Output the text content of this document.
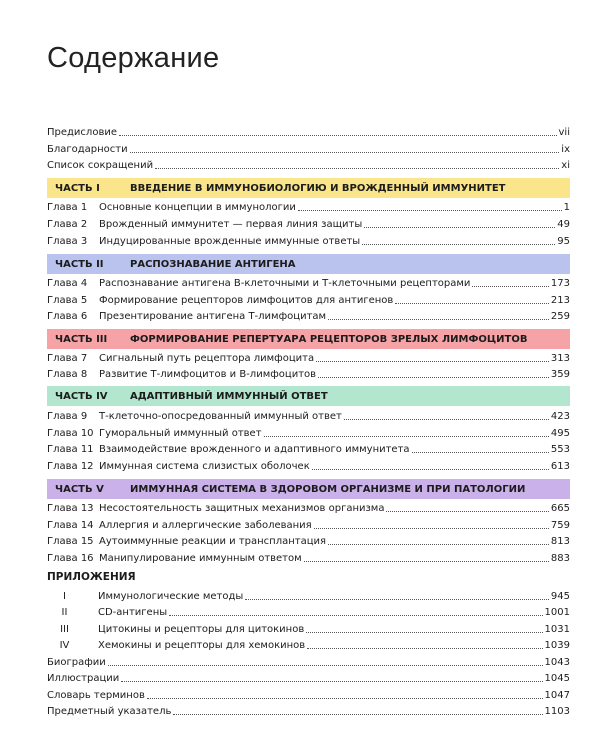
Содержание
Предисловие	vii
Благодарности	ix
Список сокращений	xi
ЧАСТЬ I	ВВЕДЕНИЕ В ИММУНОБИОЛОГИЮ И ВРОЖДЕННЫЙ ИММУНИТЕТ
Глава 1	Основные концепции в иммунологии	1
Глава 2	Врожденный иммунитет — первая линия защиты	49
Глава 3	Индуцированные врожденные иммунные ответы	95
ЧАСТЬ II	РАСПОЗНАВАНИЕ АНТИГЕНА
Глава 4	Распознавание антигена В-клеточными и Т-клеточными рецепторами	173
Глава 5	Формирование рецепторов лимфоцитов для антигенов	213
Глава 6	Презентирование антигена Т-лимфоцитам	259
ЧАСТЬ III	ФОРМИРОВАНИЕ РЕПЕРТУАРА РЕЦЕПТОРОВ ЗРЕЛЫХ ЛИМФОЦИТОВ
Глава 7	Сигнальный путь рецептора лимфоцита	313
Глава 8	Развитие Т-лимфоцитов и В-лимфоцитов	359
ЧАСТЬ IV	АДАПТИВНЫЙ ИММУННЫЙ ОТВЕТ
Глава 9	Т-клеточно-опосредованный иммунный ответ	423
Глава 10 Гуморальный иммунный ответ	495
Глава 11 Взаимодействие врожденного и адаптивного иммунитета	553
Глава 12 Иммунная система слизистых оболочек	613
ЧАСТЬ V	ИММУННАЯ СИСТЕМА В ЗДОРОВОМ ОРГАНИЗМЕ И ПРИ ПАТОЛОГИИ
Глава 13 Несостоятельность защитных механизмов организма	665
Глава 14 Аллергия и аллергические заболевания	759
Глава 15 Аутоиммунные реакции и трансплантация	813
Глава 16 Манипулирование иммунным ответом	883
ПРИЛОЖЕНИЯ
I	Иммунологические методы	945
II	CD-антигены	1001
III	Цитокины и рецепторы для цитокинов	1031
IV	Хемокины и рецепторы для хемокинов	1039
Биографии	1043
Иллюстрации	1045
Словарь терминов	1047
Предметный указатель	1103
